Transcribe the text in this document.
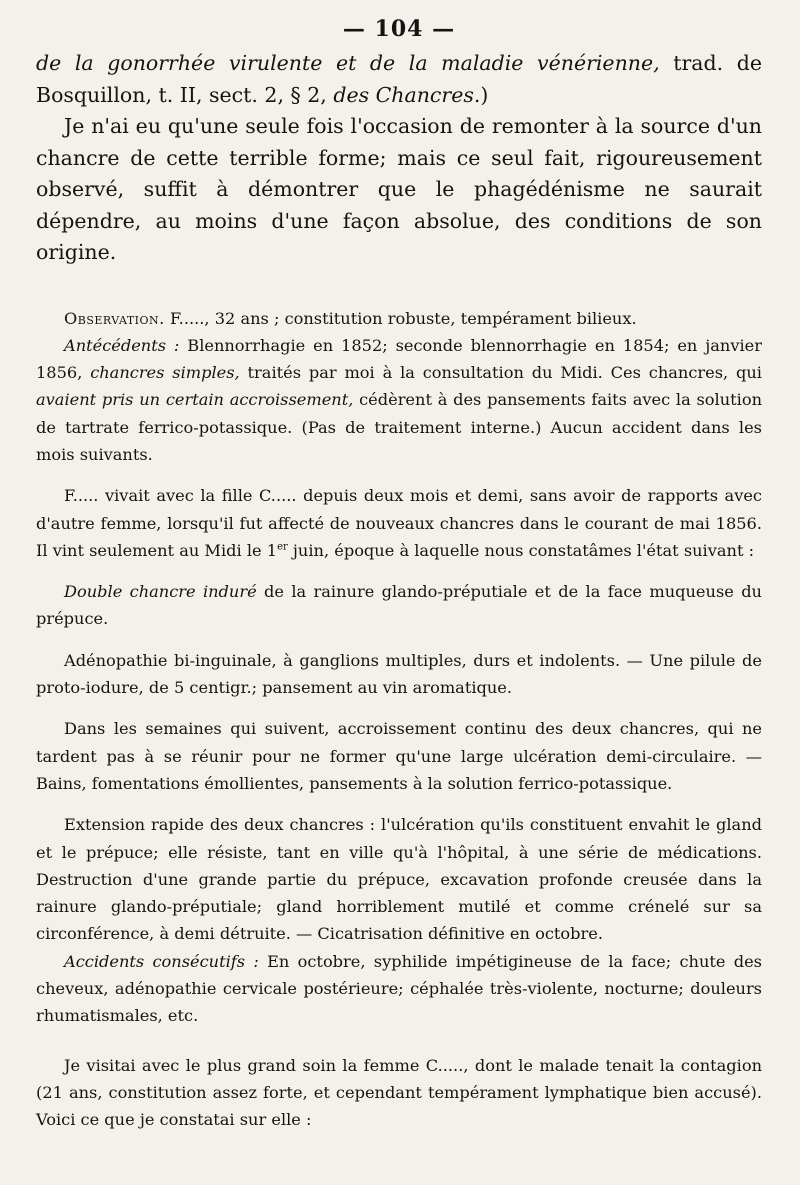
— 104 —

de la gonorrhée virulente et de la maladie vénérienne, trad. de Bosquillon, t. II, sect. 2, § 2, des Chancres.)

Je n'ai eu qu'une seule fois l'occasion de remonter à la source d'un chancre de cette terrible forme; mais ce seul fait, rigoureusement observé, suffit à démontrer que le phagédénisme ne saurait dépendre, au moins d'une façon absolue, des conditions de son origine.

Observation. F....., 32 ans ; constitution robuste, tempérament bilieux.

Antécédents : Blennorrhagie en 1852; seconde blennorrhagie en 1854; en janvier 1856, chancres simples, traités par moi à la consultation du Midi. Ces chancres, qui avaient pris un certain accroissement, cédèrent à des pansements faits avec la solution de tartrate ferrico-potassique. (Pas de traitement interne.) Aucun accident dans les mois suivants.

F..... vivait avec la fille C..... depuis deux mois et demi, sans avoir de rapports avec d'autre femme, lorsqu'il fut affecté de nouveaux chancres dans le courant de mai 1856. Il vint seulement au Midi le 1er juin, époque à laquelle nous constatâmes l'état suivant :

Double chancre induré de la rainure glando-préputiale et de la face muqueuse du prépuce.

Adénopathie bi-inguinale, à ganglions multiples, durs et indolents. — Une pilule de proto-iodure, de 5 centigr.; pansement au vin aromatique.

Dans les semaines qui suivent, accroissement continu des deux chancres, qui ne tardent pas à se réunir pour ne former qu'une large ulcération demi-circulaire. — Bains, fomentations émollientes, pansements à la solution ferrico-potassique.

Extension rapide des deux chancres : l'ulcération qu'ils constituent envahit le gland et le prépuce; elle résiste, tant en ville qu'à l'hôpital, à une série de médications. Destruction d'une grande partie du prépuce, excavation profonde creusée dans la rainure glando-préputiale; gland horriblement mutilé et comme crénelé sur sa circonférence, à demi détruite. — Cicatrisation définitive en octobre.

Accidents consécutifs : En octobre, syphilide impétigineuse de la face; chute des cheveux, adénopathie cervicale postérieure; céphalée très-violente, nocturne; douleurs rhumatismales, etc.

Je visitai avec le plus grand soin la femme C....., dont le malade tenait la contagion (21 ans, constitution assez forte, et cependant tempérament lymphatique bien accusé). Voici ce que je constatai sur elle :
